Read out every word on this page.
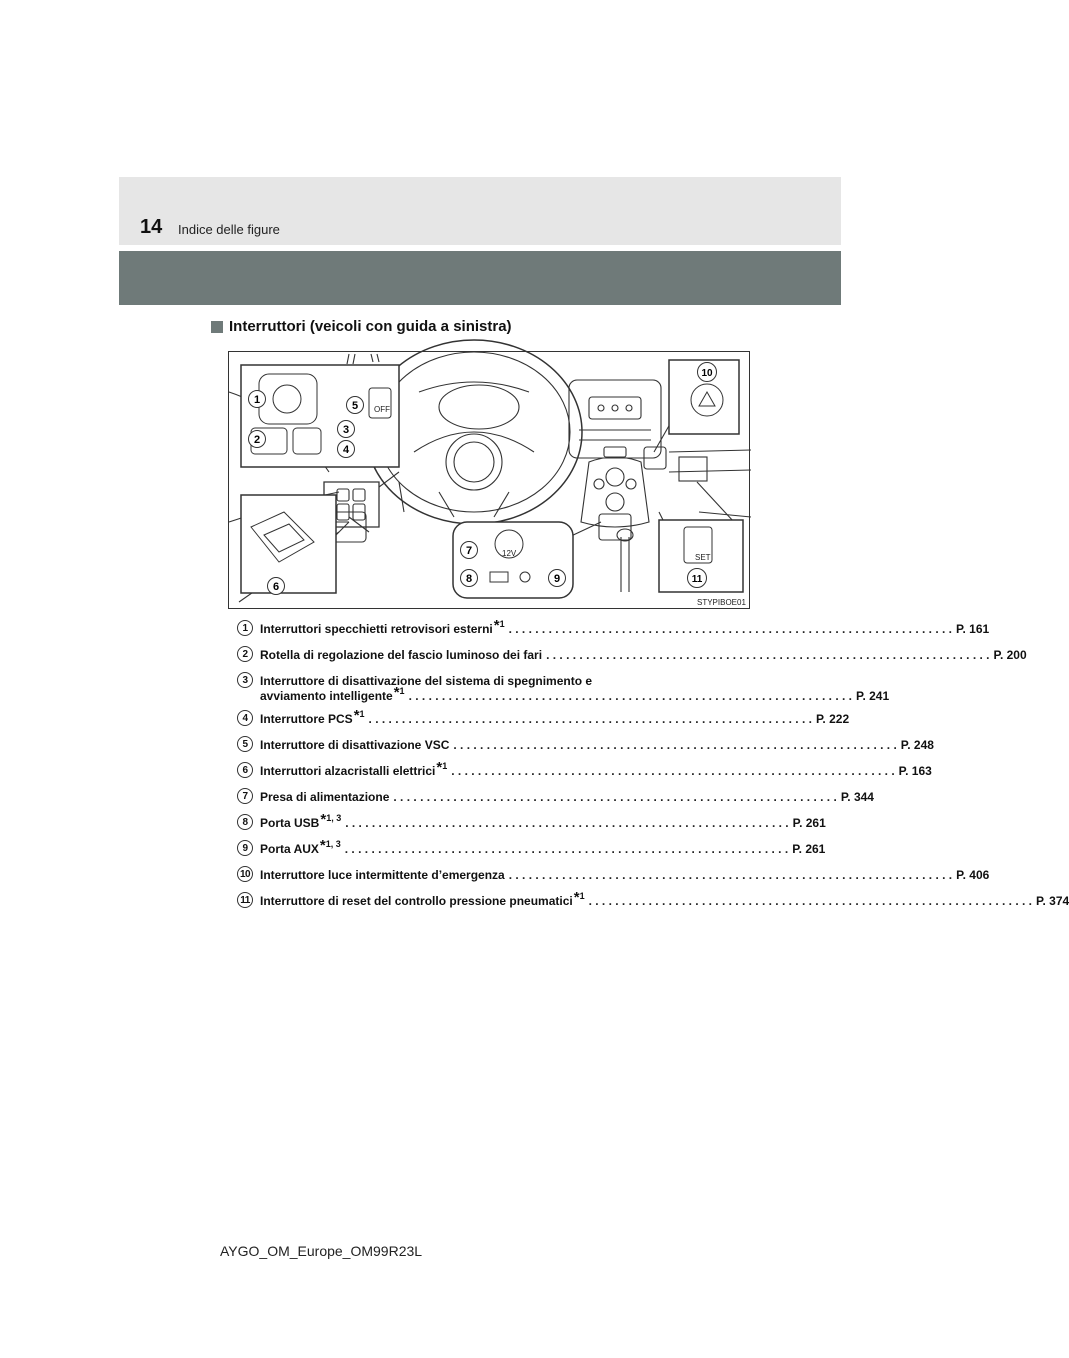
14 Indice delle figure
Interruttori (veicoli con guida a sinistra)
OFF
12V	SET
1
2
3
4
5
6
7
8	9
10
11
STYPIBOE01
1	Interruttori specchietti retrovisori esterni$^{*1}$ . . .	P. 161
2	Rotella di regolazione del fascio luminoso dei fari . . .	P. 200
3	Interruttore di disattivazione del sistema di spegnimento e
avviamento intelligente$^{*1}$ . . .	P. 241
4	Interruttore PCS$^{*1}$ . . .	P. 222
5	Interruttore di disattivazione VSC . . .	P. 248
6	Interruttori alzacristalli elettrici$^{*1}$ . . .	P. 163
7	Presa di alimentazione . . .	P. 344
8	Porta USB$^{*1, 3}$ . . .	P. 261
9	Porta AUX$^{*1, 3}$ . . .	P. 261
10 Interruttore luce intermittente d’emergenza . . .	P. 406
11 Interruttore di reset del controllo pressione pneumatici$^{*1}$ . . .	P. 374
AYGO_OM_Europe_OM99R23L
